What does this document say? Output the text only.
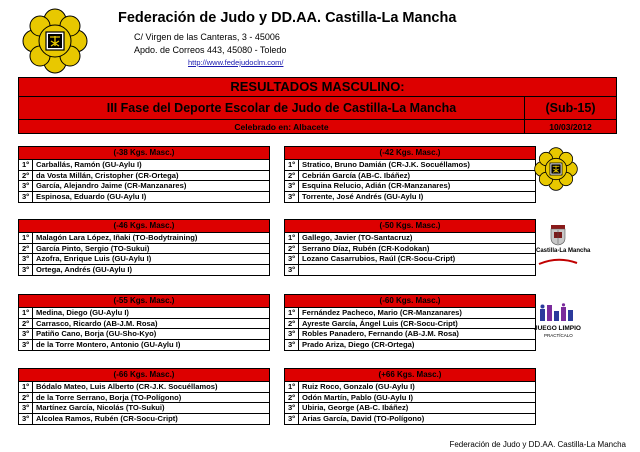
Federación de Judo y DD.AA. Castilla-La Mancha
C/ Virgen de las Canteras, 3 - 45006
Apdo. de Correos 443, 45080 - Toledo
http://www.fedejudoclm.com/
RESULTADOS MASCULINO:
III Fase del Deporte Escolar de Judo de Castilla-La Mancha	(Sub-15)
Celebrado en: Albacete	10/03/2012
(-38 Kgs. Masc.)
1º Carballás, Ramón (GU-Aylu I)
2º da Vosta Millán, Cristopher (CR-Ortega)
3º García, Alejandro Jaime (CR-Manzanares)
3º Espinosa, Eduardo (GU-Aylu I)
(-46 Kgs. Masc.)
1º Malagón Lara López, Iñaki (TO-Bodytraining)
2º García Pinto, Sergio (TO-Sukui)
3º Azofra, Enrique Luis (GU-Aylu I)
3º Ortega, Andrés (GU-Aylu I)
(-55 Kgs. Masc.)
1º Medina, Diego (GU-Aylu I)
2º Carrasco, Ricardo (AB-J.M. Rosa)
3º Patiño Cano, Borja (GU-Sho-Kyo)
3º de la Torre Montero, Antonio (GU-Aylu I)
(-66 Kgs. Masc.)
1º Bódalo Mateo, Luis Alberto (CR-J.K. Socuéllamos)
2º de la Torre Serrano, Borja (TO-Polígono)
3º Martínez García, Nicolás (TO-Sukui)
3º Alcolea Ramos, Rubén (CR-Socu-Cript)
(-42 Kgs. Masc.)
1º Stratico, Bruno Damián (CR-J.K. Socuéllamos)
2º Cebrián García (AB-C. Ibáñez)
3º Esquina Relucio, Adián (CR-Manzanares)
3º Torrente, José Andrés (GU-Aylu I)
(-50 Kgs. Masc.)
1º Gallego, Javier (TO-Santacruz)
2º Serrano Díaz, Rubén (CR-Kodokan)
3º Lozano Casarrubios, Raúl (CR-Socu-Cript)
3º
(-60 Kgs. Masc.)
1º Fernández Pacheco, Mario (CR-Manzanares)
2º Ayreste García, Ángel Luis (CR-Socu-Cript)
3º Robles Panadero, Fernando (AB-J.M. Rosa)
3º Prado Ariza, Diego (CR-Ortega)
(+66 Kgs. Masc.)
1º Ruiz Roco, Gonzalo (GU-Aylu I)
2º Odón Martín, Pablo (GU-Aylu I)
3º Ubiria, George (AB-C. Ibáñez)
3º Arias García, David (TO-Polígono)
Castilla-La Mancha
JUEGO LIMPIO
PRACTÍCALO
Federación de Judo y DD.AA. Castilla-La Mancha
